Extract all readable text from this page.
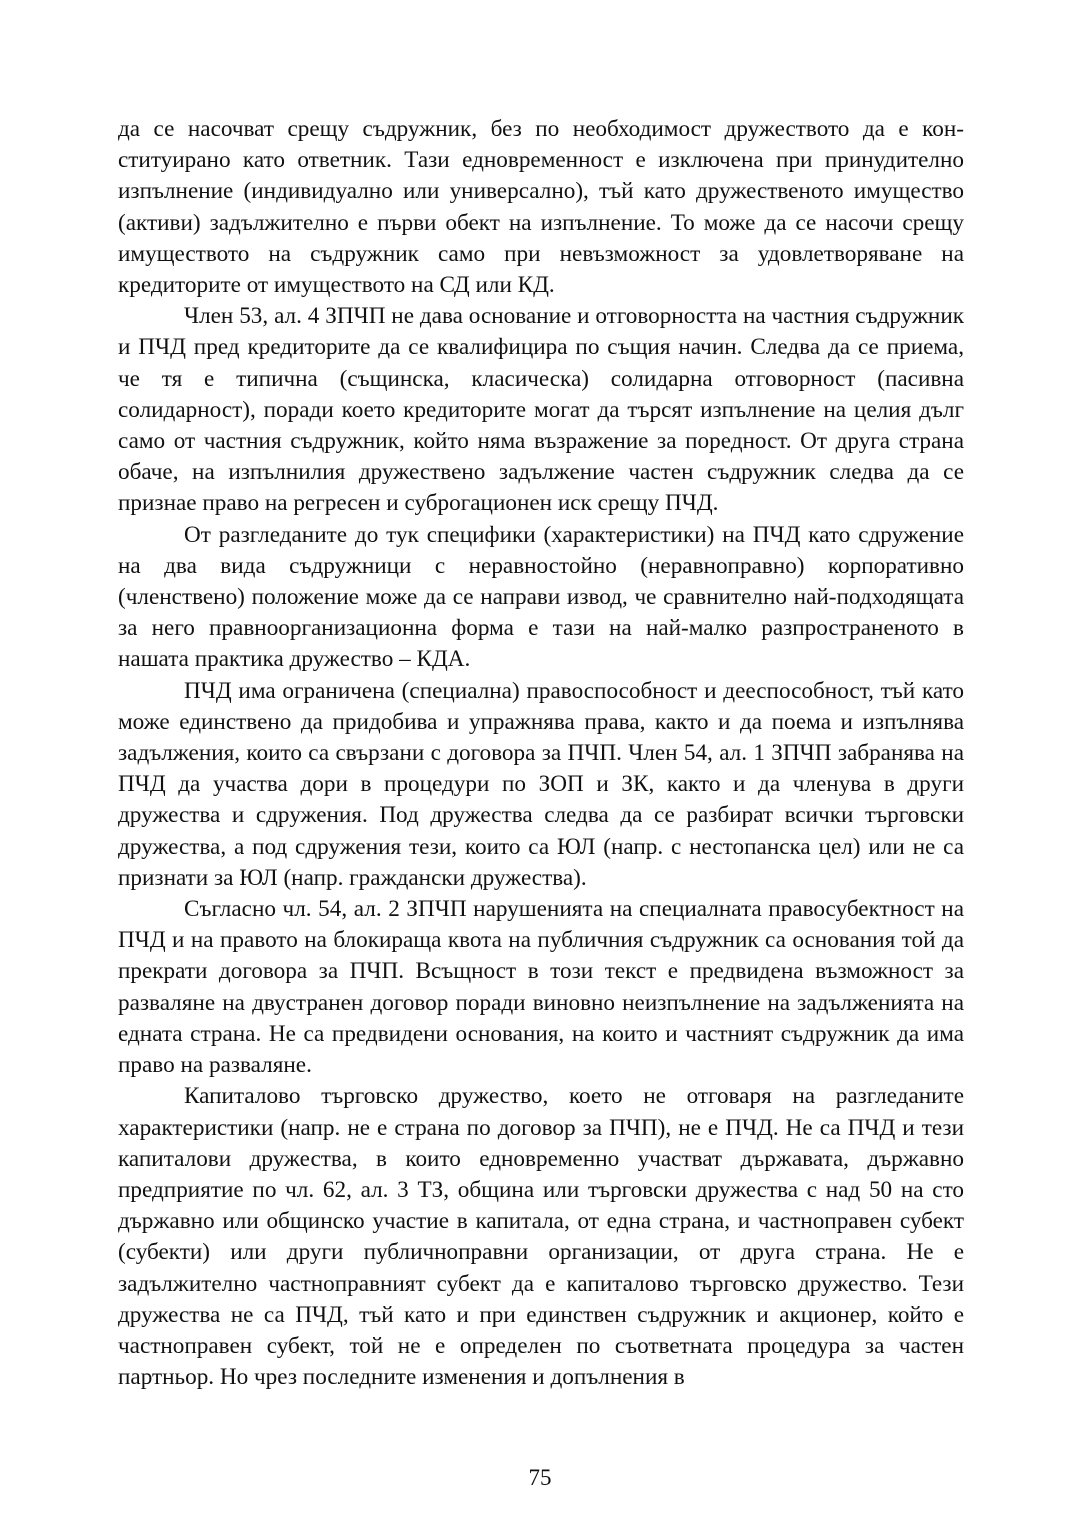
да се насочват срещу съдружник, без по необходимост дружеството да е конституирано като ответник. Тази едновременност е изключена при принудително изпълнение (индивидуално или универсално), тъй като дружественото имущество (активи) задължително е първи обект на изпълнение. То може да се насочи срещу имуществото на съдружник само при невъзможност за удовлетворяване на кредиторите от имуществото на СД или КД.

Член 53, ал. 4 ЗПЧП не дава основание и отговорността на частния съдружник и ПЧД пред кредиторите да се квалифицира по същия начин. Следва да се приема, че тя е типична (същинска, класическа) солидарна отговорност (пасивна солидарност), поради което кредиторите могат да търсят изпълнение на целия дълг само от частния съдружник, който няма възражение за поредност. От друга страна обаче, на изпълнилия дружествено задължение частен съдружник следва да се признае право на регресен и суброгационен иск срещу ПЧД.

От разгледаните до тук специфики (характеристики) на ПЧД като сдружение на два вида съдружници с неравностойно (неравноправно) корпоративно (членствено) положение може да се направи извод, че сравнително най-подходящата за него правноорганизационна форма е тази на най-малко разпространеното в нашата практика дружество – КДА.

ПЧД има ограничена (специална) правоспособност и дееспособност, тъй като може единствено да придобива и упражнява права, както и да поема и изпълнява задължения, които са свързани с договора за ПЧП. Член 54, ал. 1 ЗПЧП забранява на ПЧД да участва дори в процедури по ЗОП и ЗК, както и да членува в други дружества и сдружения. Под дружества следва да се разбират всички търговски дружества, а под сдружения тези, които са ЮЛ (напр. с нестопанска цел) или не са признати за ЮЛ (напр. граждански дружества).

Съгласно чл. 54, ал. 2 ЗПЧП нарушенията на специалната правосубектност на ПЧД и на правото на блокираща квота на публичния съдружник са основания той да прекрати договора за ПЧП. Всъщност в този текст е предвидена възможност за разваляне на двустранен договор поради виновно неизпълнение на задълженията на едната страна. Не са предвидени основания, на които и частният съдружник да има право на разваляне.

Капиталово търговско дружество, което не отговаря на разгледаните характеристики (напр. не е страна по договор за ПЧП), не е ПЧД. Не са ПЧД и тези капиталови дружества, в които едновременно участват държавата, държавно предприятие по чл. 62, ал. 3 ТЗ, община или търговски дружества с над 50 на сто държавно или общинско участие в капитала, от една страна, и частноправен субект (субекти) или други публичноправни организации, от друга страна. Не е задължително частноправният субект да е капиталово търговско дружество. Тези дружества не са ПЧД, тъй като и при единствен съдружник и акционер, който е частноправен субект, той не е определен по съответната процедура за частен партньор. Но чрез последните изменения и допълнения в

75
